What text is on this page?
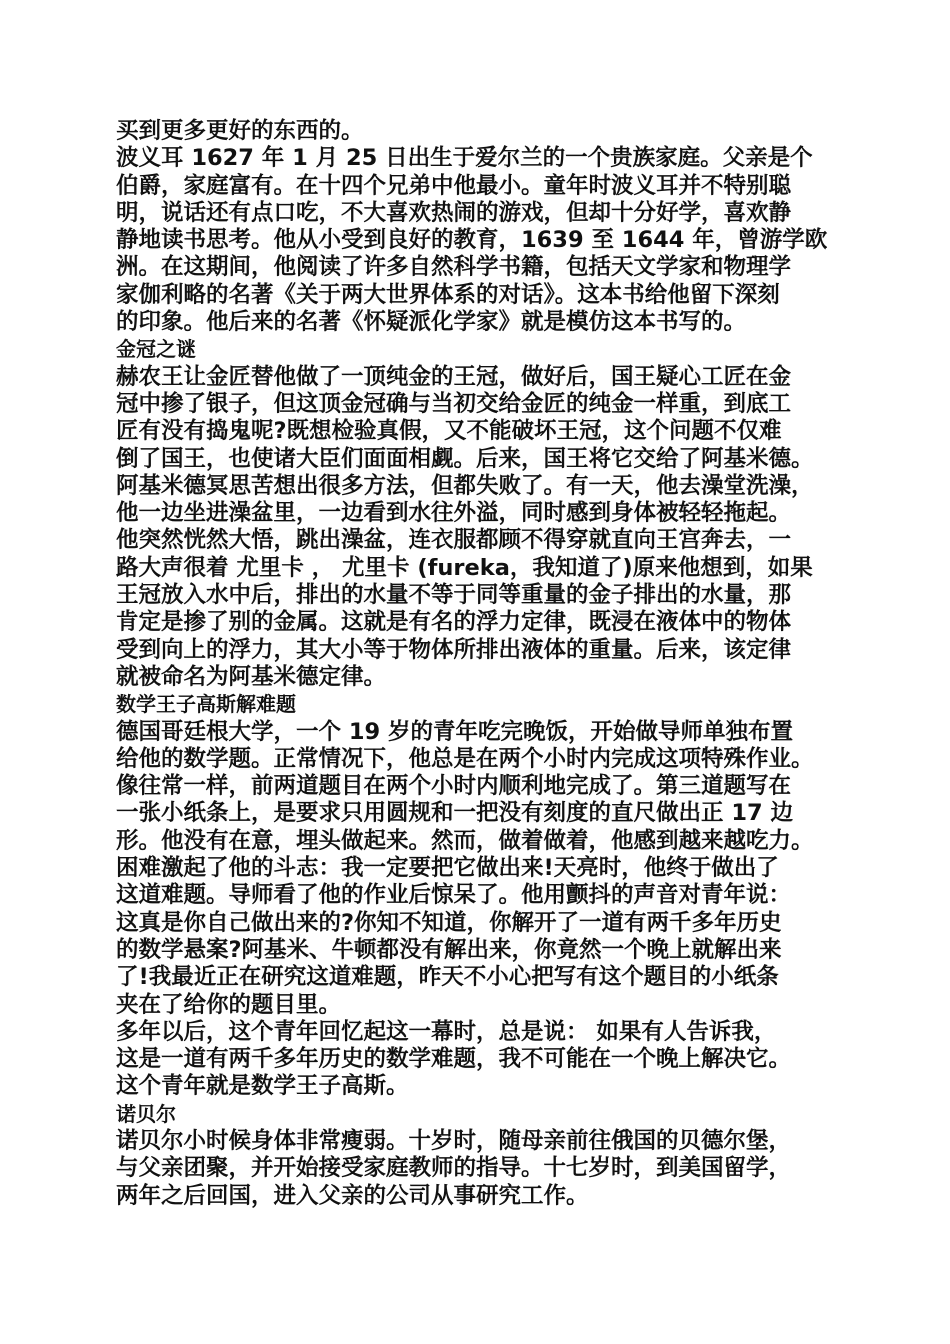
买到更多更好的东西的。

波义耳 1627 年 1 月 25 日出生于爱尔兰的一个贵族家庭。父亲是个
伯爵，家庭富有。在十四个兄弟中他最小。童年时波义耳并不特别聪
明，说话还有点口吃，不大喜欢热闹的游戏，但却十分好学，喜欢静
静地读书思考。他从小受到良好的教育，1639 至 1644 年，曾游学欧
洲。在这期间，他阅读了许多自然科学书籍，包括天文学家和物理学
家伽利略的名著《关于两大世界体系的对话》。这本书给他留下深刻
的印象。他后来的名著《怀疑派化学家》就是模仿这本书写的。

金冠之谜

赫农王让金匠替他做了一顶纯金的王冠，做好后，国王疑心工匠在金
冠中掺了银子，但这顶金冠确与当初交给金匠的纯金一样重，到底工
匠有没有捣鬼呢?既想检验真假，又不能破坏王冠，这个问题不仅难
倒了国王，也使诸大臣们面面相觑。后来，国王将它交给了阿基米德。
阿基米德冥思苦想出很多方法，但都失败了。有一天，他去澡堂洗澡，
他一边坐进澡盆里，一边看到水往外溢，同时感到身体被轻轻拖起。
他突然恍然大悟，跳出澡盆，连衣服都顾不得穿就直向王宫奔去，一
路大声很着 尤里卡 ， 尤里卡 (fureka，我知道了)原来他想到，如果
王冠放入水中后，排出的水量不等于同等重量的金子排出的水量，那
肯定是掺了别的金属。这就是有名的浮力定律，既浸在液体中的物体
受到向上的浮力，其大小等于物体所排出液体的重量。后来，该定律
就被命名为阿基米德定律。

数学王子高斯解难题

德国哥廷根大学，一个 19 岁的青年吃完晚饭，开始做导师单独布置
给他的数学题。正常情况下，他总是在两个小时内完成这项特殊作业。
像往常一样，前两道题目在两个小时内顺利地完成了。第三道题写在
一张小纸条上，是要求只用圆规和一把没有刻度的直尺做出正 17 边
形。他没有在意，埋头做起来。然而，做着做着，他感到越来越吃力。
困难激起了他的斗志：我一定要把它做出来!天亮时，他终于做出了
这道难题。导师看了他的作业后惊呆了。他用颤抖的声音对青年说：
这真是你自己做出来的?你知不知道，你解开了一道有两千多年历史
的数学悬案?阿基米、牛顿都没有解出来，你竟然一个晚上就解出来
了!我最近正在研究这道难题，昨天不小心把写有这个题目的小纸条
夹在了给你的题目里。

多年以后，这个青年回忆起这一幕时，总是说： 如果有人告诉我，
这是一道有两千多年历史的数学难题，我不可能在一个晚上解决它。
这个青年就是数学王子高斯。

诺贝尔

诺贝尔小时候身体非常瘦弱。十岁时，随母亲前往俄国的贝德尔堡，
与父亲团聚，并开始接受家庭教师的指导。十七岁时，到美国留学，
两年之后回国，进入父亲的公司从事研究工作。
